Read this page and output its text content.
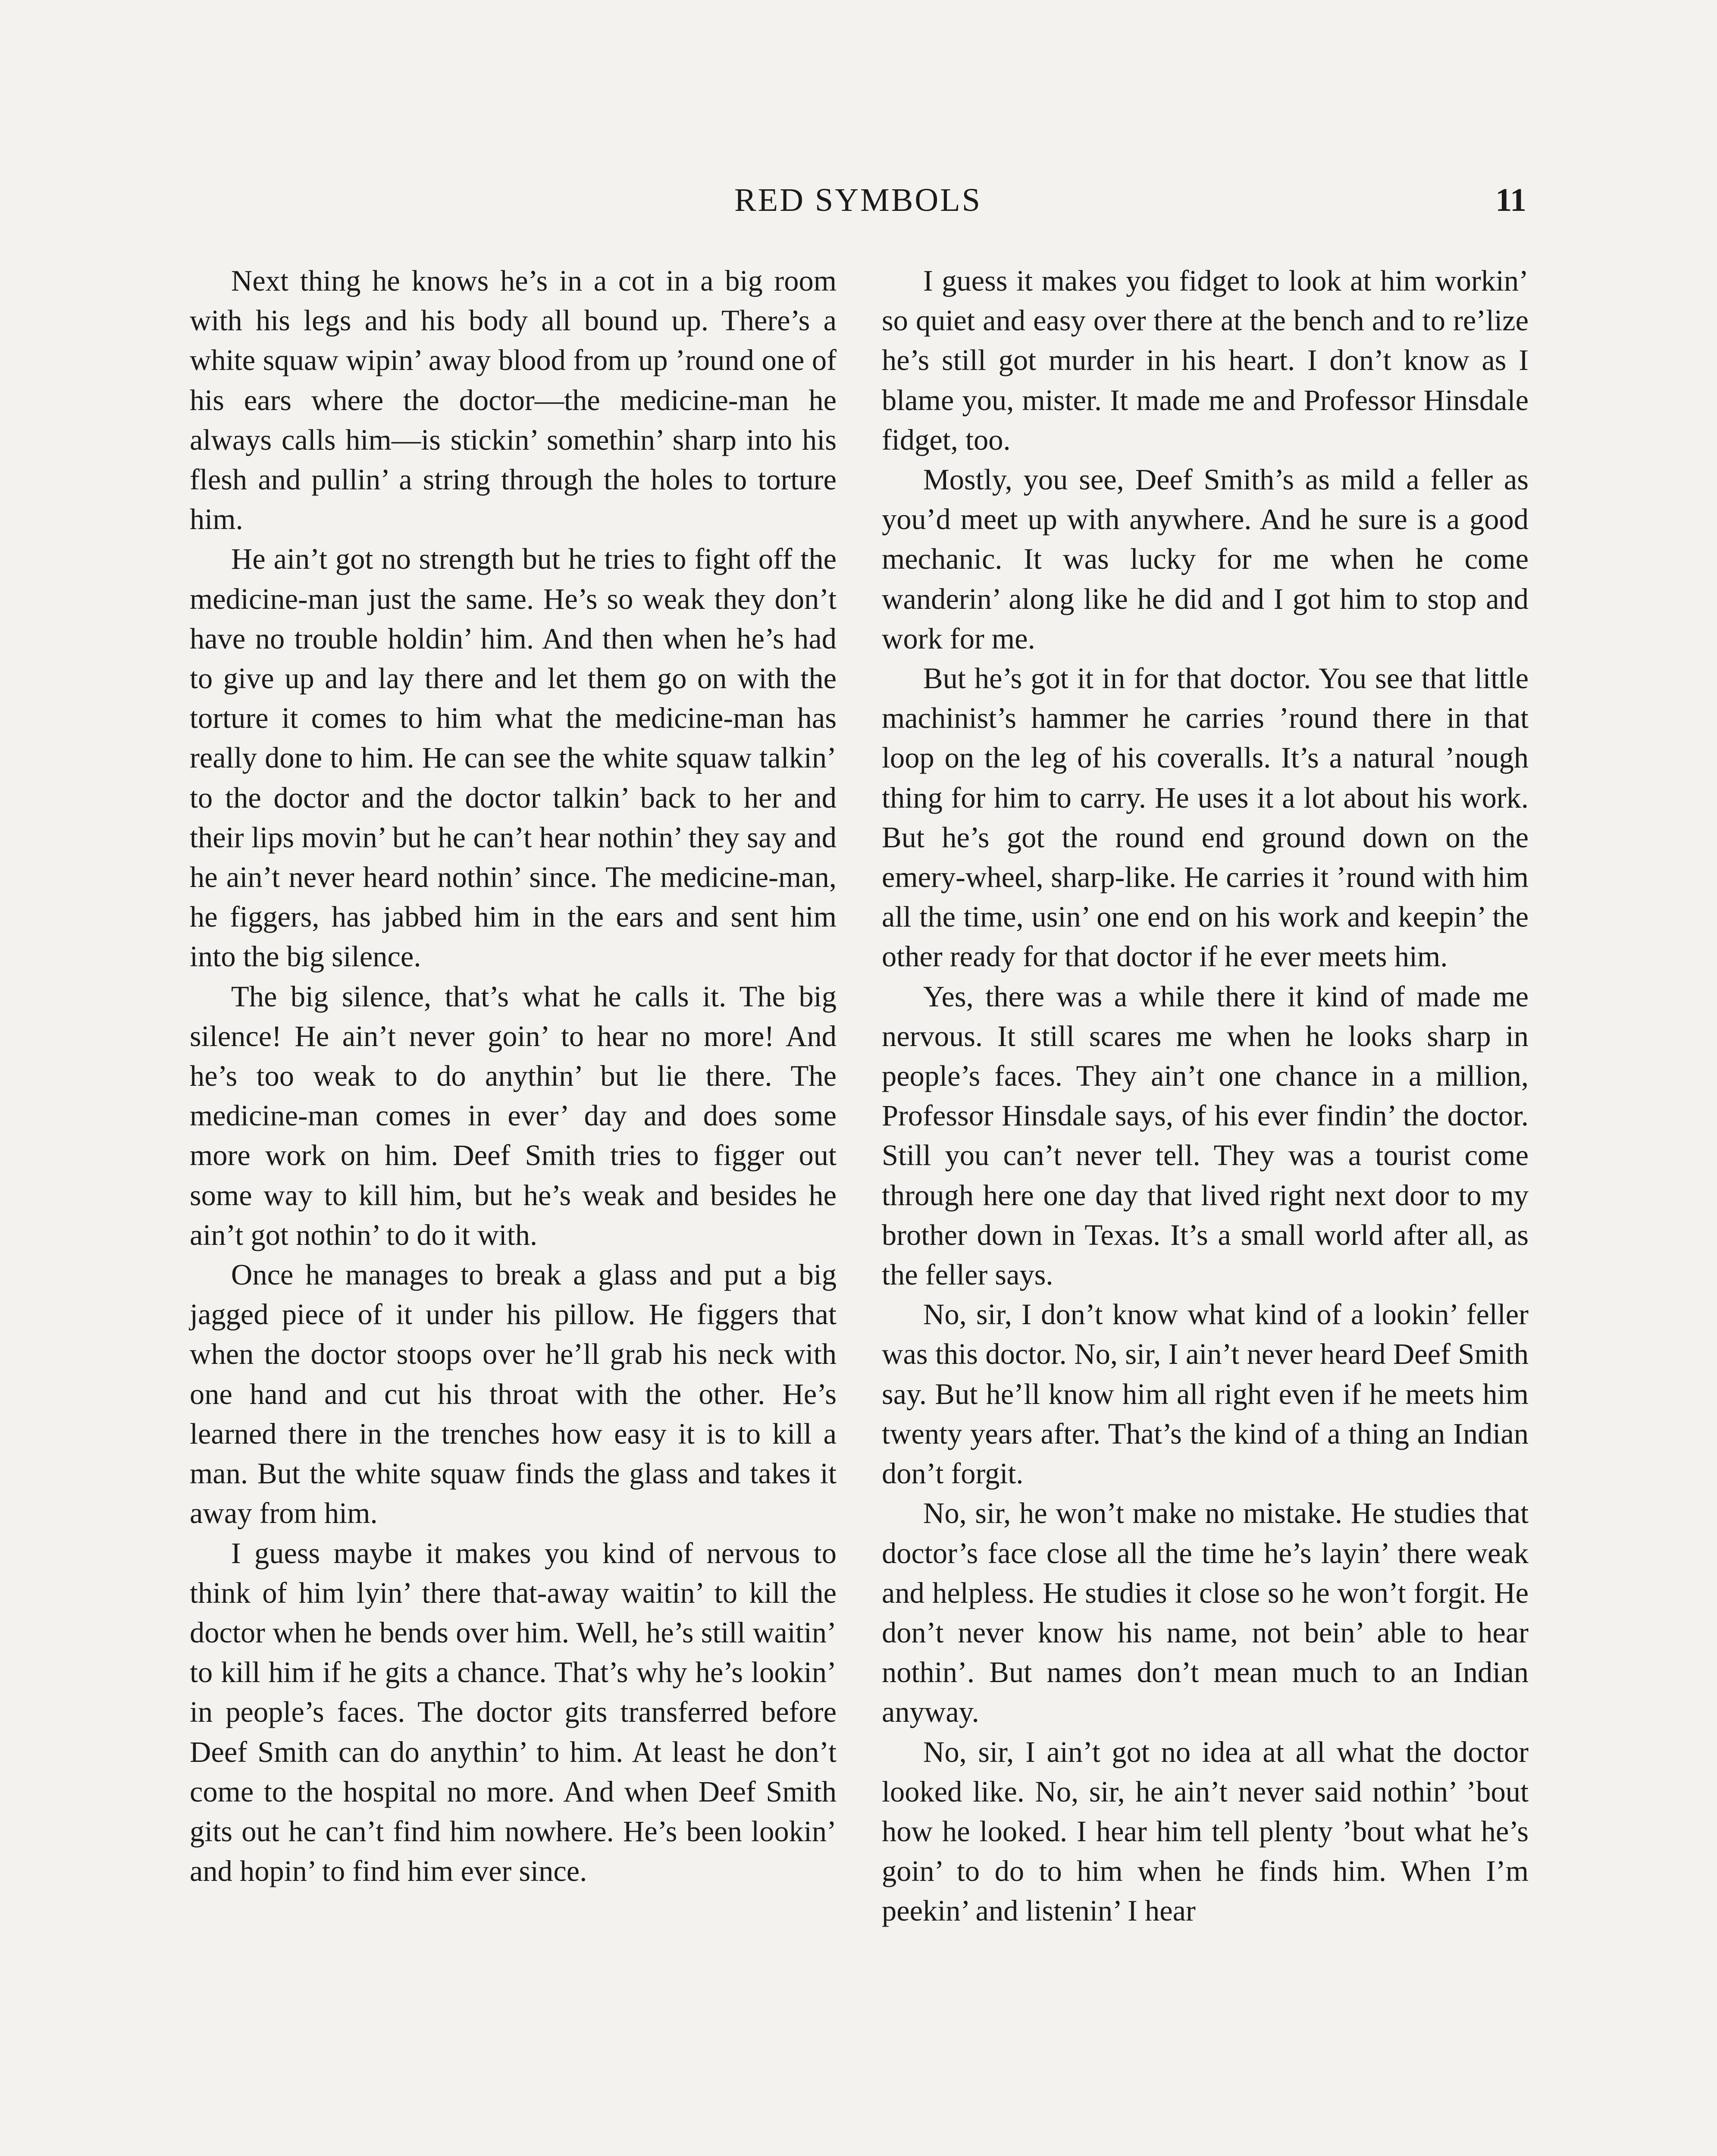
RED SYMBOLS	11

Next thing he knows he’s in a cot in a big room with his legs and his body all bound up. There’s a white squaw wipin’ away blood from up ’round one of his ears where the doctor—the medicine-man he always calls him—is stickin’ somethin’ sharp into his flesh and pullin’ a string through the holes to torture him.

He ain’t got no strength but he tries to fight off the medicine-man just the same. He’s so weak they don’t have no trouble holdin’ him. And then when he’s had to give up and lay there and let them go on with the torture it comes to him what the medicine-man has really done to him. He can see the white squaw talkin’ to the doctor and the doctor talkin’ back to her and their lips movin’ but he can’t hear nothin’ they say and he ain’t never heard nothin’ since. The medicine-man, he figgers, has jabbed him in the ears and sent him into the big silence.

The big silence, that’s what he calls it. The big silence! He ain’t never goin’ to hear no more! And he’s too weak to do anythin’ but lie there. The medicine-man comes in ever’ day and does some more work on him. Deef Smith tries to figger out some way to kill him, but he’s weak and besides he ain’t got nothin’ to do it with.

Once he manages to break a glass and put a big jagged piece of it under his pillow. He figgers that when the doctor stoops over he’ll grab his neck with one hand and cut his throat with the other. He’s learned there in the trenches how easy it is to kill a man. But the white squaw finds the glass and takes it away from him.

I guess maybe it makes you kind of nervous to think of him lyin’ there that-away waitin’ to kill the doctor when he bends over him. Well, he’s still waitin’ to kill him if he gits a chance. That’s why he’s lookin’ in people’s faces. The doctor gits transferred before Deef Smith can do anythin’ to him. At least he don’t come to the hospital no more. And when Deef Smith gits out he can’t find him nowhere. He’s been lookin’ and hopin’ to find him ever since.

I guess it makes you fidget to look at him workin’ so quiet and easy over there at the bench and to re’lize he’s still got murder in his heart. I don’t know as I blame you, mister. It made me and Professor Hinsdale fidget, too.

Mostly, you see, Deef Smith’s as mild a feller as you’d meet up with anywhere. And he sure is a good mechanic. It was lucky for me when he come wanderin’ along like he did and I got him to stop and work for me.

But he’s got it in for that doctor. You see that little machinist’s hammer he carries ’round there in that loop on the leg of his coveralls. It’s a natural ’nough thing for him to carry. He uses it a lot about his work. But he’s got the round end ground down on the emery-wheel, sharp-like. He carries it ’round with him all the time, usin’ one end on his work and keepin’ the other ready for that doctor if he ever meets him.

Yes, there was a while there it kind of made me nervous. It still scares me when he looks sharp in people’s faces. They ain’t one chance in a million, Professor Hinsdale says, of his ever findin’ the doctor. Still you can’t never tell. They was a tourist come through here one day that lived right next door to my brother down in Texas. It’s a small world after all, as the feller says.

No, sir, I don’t know what kind of a lookin’ feller was this doctor. No, sir, I ain’t never heard Deef Smith say. But he’ll know him all right even if he meets him twenty years after. That’s the kind of a thing an Indian don’t forgit.

No, sir, he won’t make no mistake. He studies that doctor’s face close all the time he’s layin’ there weak and helpless. He studies it close so he won’t forgit. He don’t never know his name, not bein’ able to hear nothin’. But names don’t mean much to an Indian anyway.

No, sir, I ain’t got no idea at all what the doctor looked like. No, sir, he ain’t never said nothin’ ’bout how he looked. I hear him tell plenty ’bout what he’s goin’ to do to him when he finds him. When I’m peekin’ and listenin’ I hear
